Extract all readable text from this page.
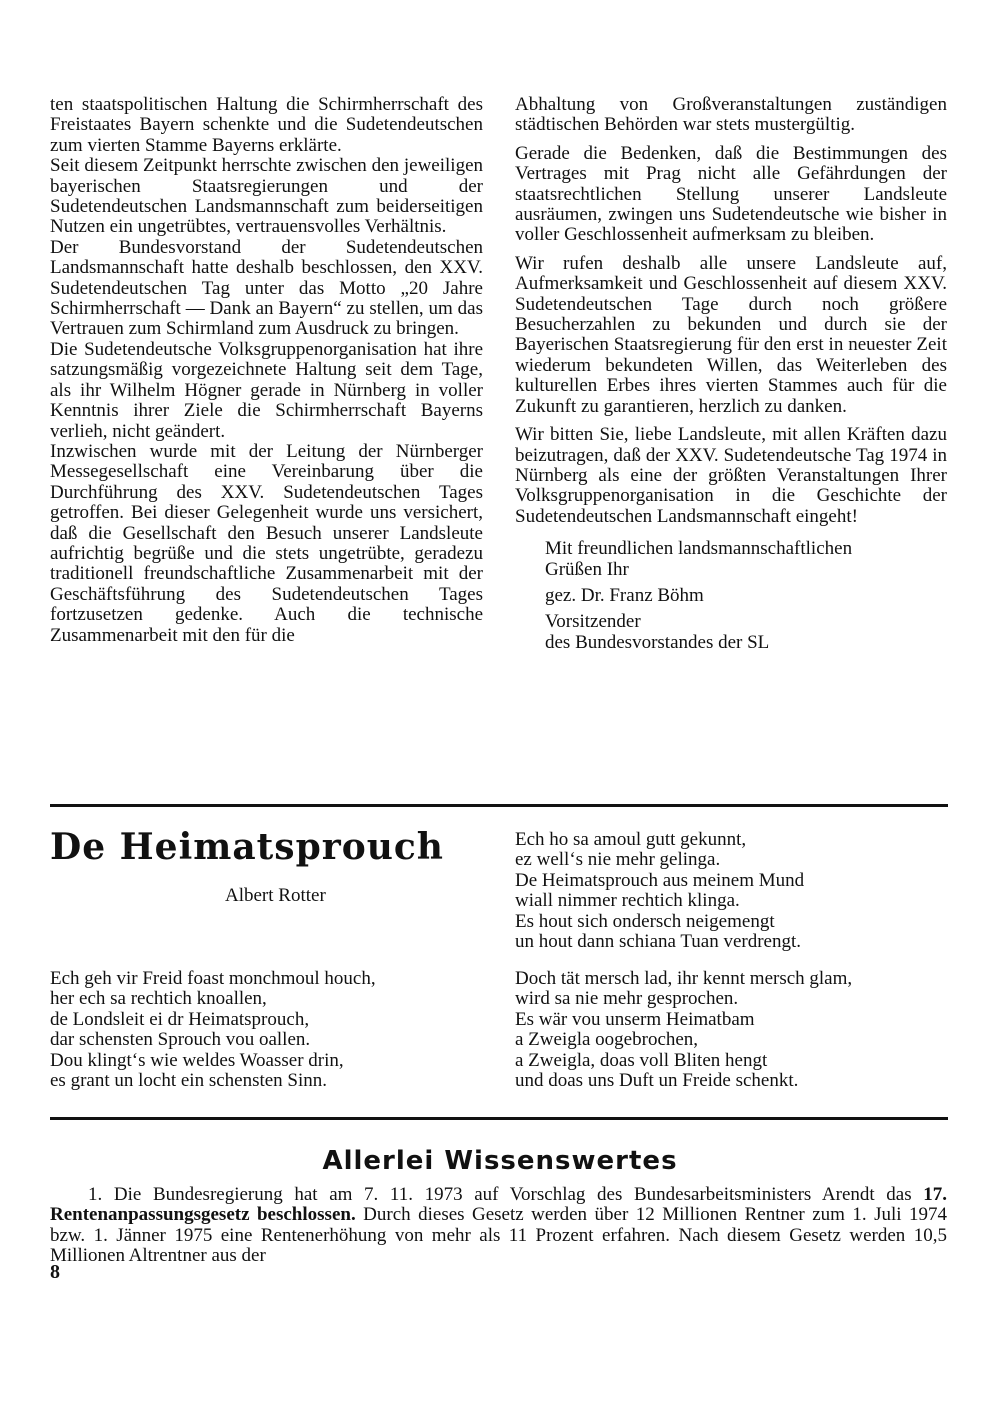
ten staatspolitischen Haltung die Schirmherrschaft des Freistaates Bayern schenkte und die Sudetendeutschen zum vierten Stamme Bayerns erklärte.

Seit diesem Zeitpunkt herrschte zwischen den jeweiligen bayerischen Staatsregierungen und der Sudetendeutschen Landsmannschaft zum beiderseitigen Nutzen ein ungetrübtes, vertrauensvolles Verhältnis.

Der Bundesvorstand der Sudetendeutschen Landsmannschaft hatte deshalb beschlossen, den XXV. Sudetendeutschen Tag unter das Motto „20 Jahre Schirmherrschaft — Dank an Bayern“ zu stellen, um das Vertrauen zum Schirmland zum Ausdruck zu bringen.

Die Sudetendeutsche Volksgruppenorganisation hat ihre satzungsmäßig vorgezeichnete Haltung seit dem Tage, als ihr Wilhelm Högner gerade in Nürnberg in voller Kenntnis ihrer Ziele die Schirmherrschaft Bayerns verlieh, nicht geändert.

Inzwischen wurde mit der Leitung der Nürnberger Messegesellschaft eine Vereinbarung über die Durchführung des XXV. Sudetendeutschen Tages getroffen. Bei dieser Gelegenheit wurde uns versichert, daß die Gesellschaft den Besuch unserer Landsleute aufrichtig begrüße und die stets ungetrübte, geradezu traditionell freundschaftliche Zusammenarbeit mit der Geschäftsführung des Sudetendeutschen Tages fortzusetzen gedenke. Auch die technische Zusammenarbeit mit den für die

Abhaltung von Großveranstaltungen zuständigen städtischen Behörden war stets mustergültig.

Gerade die Bedenken, daß die Bestimmungen des Vertrages mit Prag nicht alle Gefährdungen der staatsrechtlichen Stellung unserer Landsleute ausräumen, zwingen uns Sudetendeutsche wie bisher in voller Geschlossenheit aufmerksam zu bleiben.

Wir rufen deshalb alle unsere Landsleute auf, Aufmerksamkeit und Geschlossenheit auf diesem XXV. Sudetendeutschen Tage durch noch größere Besucherzahlen zu bekunden und durch sie der Bayerischen Staatsregierung für den erst in neuester Zeit wiederum bekundeten Willen, das Weiterleben des kulturellen Erbes ihres vierten Stammes auch für die Zukunft zu garantieren, herzlich zu danken.

Wir bitten Sie, liebe Landsleute, mit allen Kräften dazu beizutragen, daß der XXV. Sudetendeutsche Tag 1974 in Nürnberg als eine der größten Veranstaltungen Ihrer Volksgruppenorganisation in die Geschichte der Sudetendeutschen Landsmannschaft eingeht!

Mit freundlichen landsmannschaftlichen
Grüßen Ihr
gez. Dr. Franz Böhm
Vorsitzender
des Bundesvorstandes der SL
De Heimatsprouch
Albert Rotter
Ech geh vir Freid foast monchmoul houch,
her ech sa rechtich knoallen,
de Londsleit ei dr Heimatsprouch,
dar schensten Sprouch vou oallen.
Dou klingt‘s wie weldes Woasser drin,
es grant un locht ein schensten Sinn.
Ech ho sa amoul gutt gekunnt,
ez well‘s nie mehr gelinga.
De Heimatsprouch aus meinem Mund
wiall nimmer rechtich klinga.
Es hout sich ondersch neigemengt
un hout dann schiana Tuan verdrengt.
Doch tät mersch lad, ihr kennt mersch glam,
wird sa nie mehr gesprochen.
Es wär vou unserm Heimatbam
a Zweigla oogebrochen,
a Zweigla, doas voll Bliten hengt
und doas uns Duft un Freide schenkt.
Allerlei Wissenswertes
1. Die Bundesregierung hat am 7. 11. 1973 auf Vorschlag des Bundesarbeitsministers Arendt das 17. Rentenanpassungsgesetz beschlossen. Durch dieses Gesetz werden über 12 Millionen Rentner zum 1. Juli 1974 bzw. 1. Jänner 1975 eine Rentenerhöhung von mehr als 11 Prozent erfahren. Nach diesem Gesetz werden 10,5 Millionen Altrentner aus der
8
